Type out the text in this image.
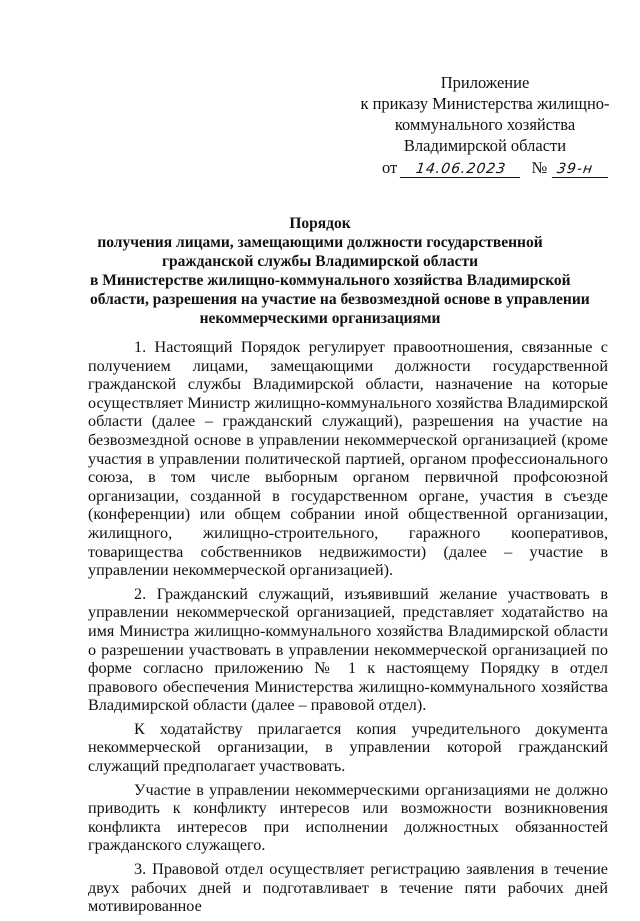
Приложение
к приказу Министерства жилищно-
коммунального хозяйства
Владимирской области
от 14.06.2023 № 39-н
Порядок
получения лицами, замещающими должности государственной
гражданской службы Владимирской области
в Министерстве жилищно-коммунального хозяйства Владимирской
области, разрешения на участие на безвозмездной основе в управлении
некоммерческими организациями

1. Настоящий Порядок регулирует правоотношения, связанные с получением лицами, замещающими должности государственной гражданской службы Владимирской области, назначение на которые осуществляет Министр жилищно-коммунального хозяйства Владимирской области (далее – гражданский служащий), разрешения на участие на безвозмездной основе в управлении некоммерческой организацией (кроме участия в управлении политической партией, органом профессионального союза, в том числе выборным органом первичной профсоюзной организации, созданной в государственном органе, участия в съезде (конференции) или общем собрании иной общественной организации, жилищного, жилищно-строительного, гаражного кооперативов, товарищества собственников недвижимости) (далее – участие в управлении некоммерческой организацией).

2. Гражданский служащий, изъявивший желание участвовать в управлении некоммерческой организацией, представляет ходатайство на имя Министра жилищно-коммунального хозяйства Владимирской области о разрешении участвовать в управлении некоммерческой организацией по форме согласно приложению № 1 к настоящему Порядку в отдел правового обеспечения Министерства жилищно-коммунального хозяйства Владимирской области (далее – правовой отдел).

К ходатайству прилагается копия учредительного документа некоммерческой организации, в управлении которой гражданский служащий предполагает участвовать.

Участие в управлении некоммерческими организациями не должно приводить к конфликту интересов или возможности возникновения конфликта интересов при исполнении должностных обязанностей гражданского служащего.

3. Правовой отдел осуществляет регистрацию заявления в течение двух рабочих дней и подготавливает в течение пяти рабочих дней мотивированное
